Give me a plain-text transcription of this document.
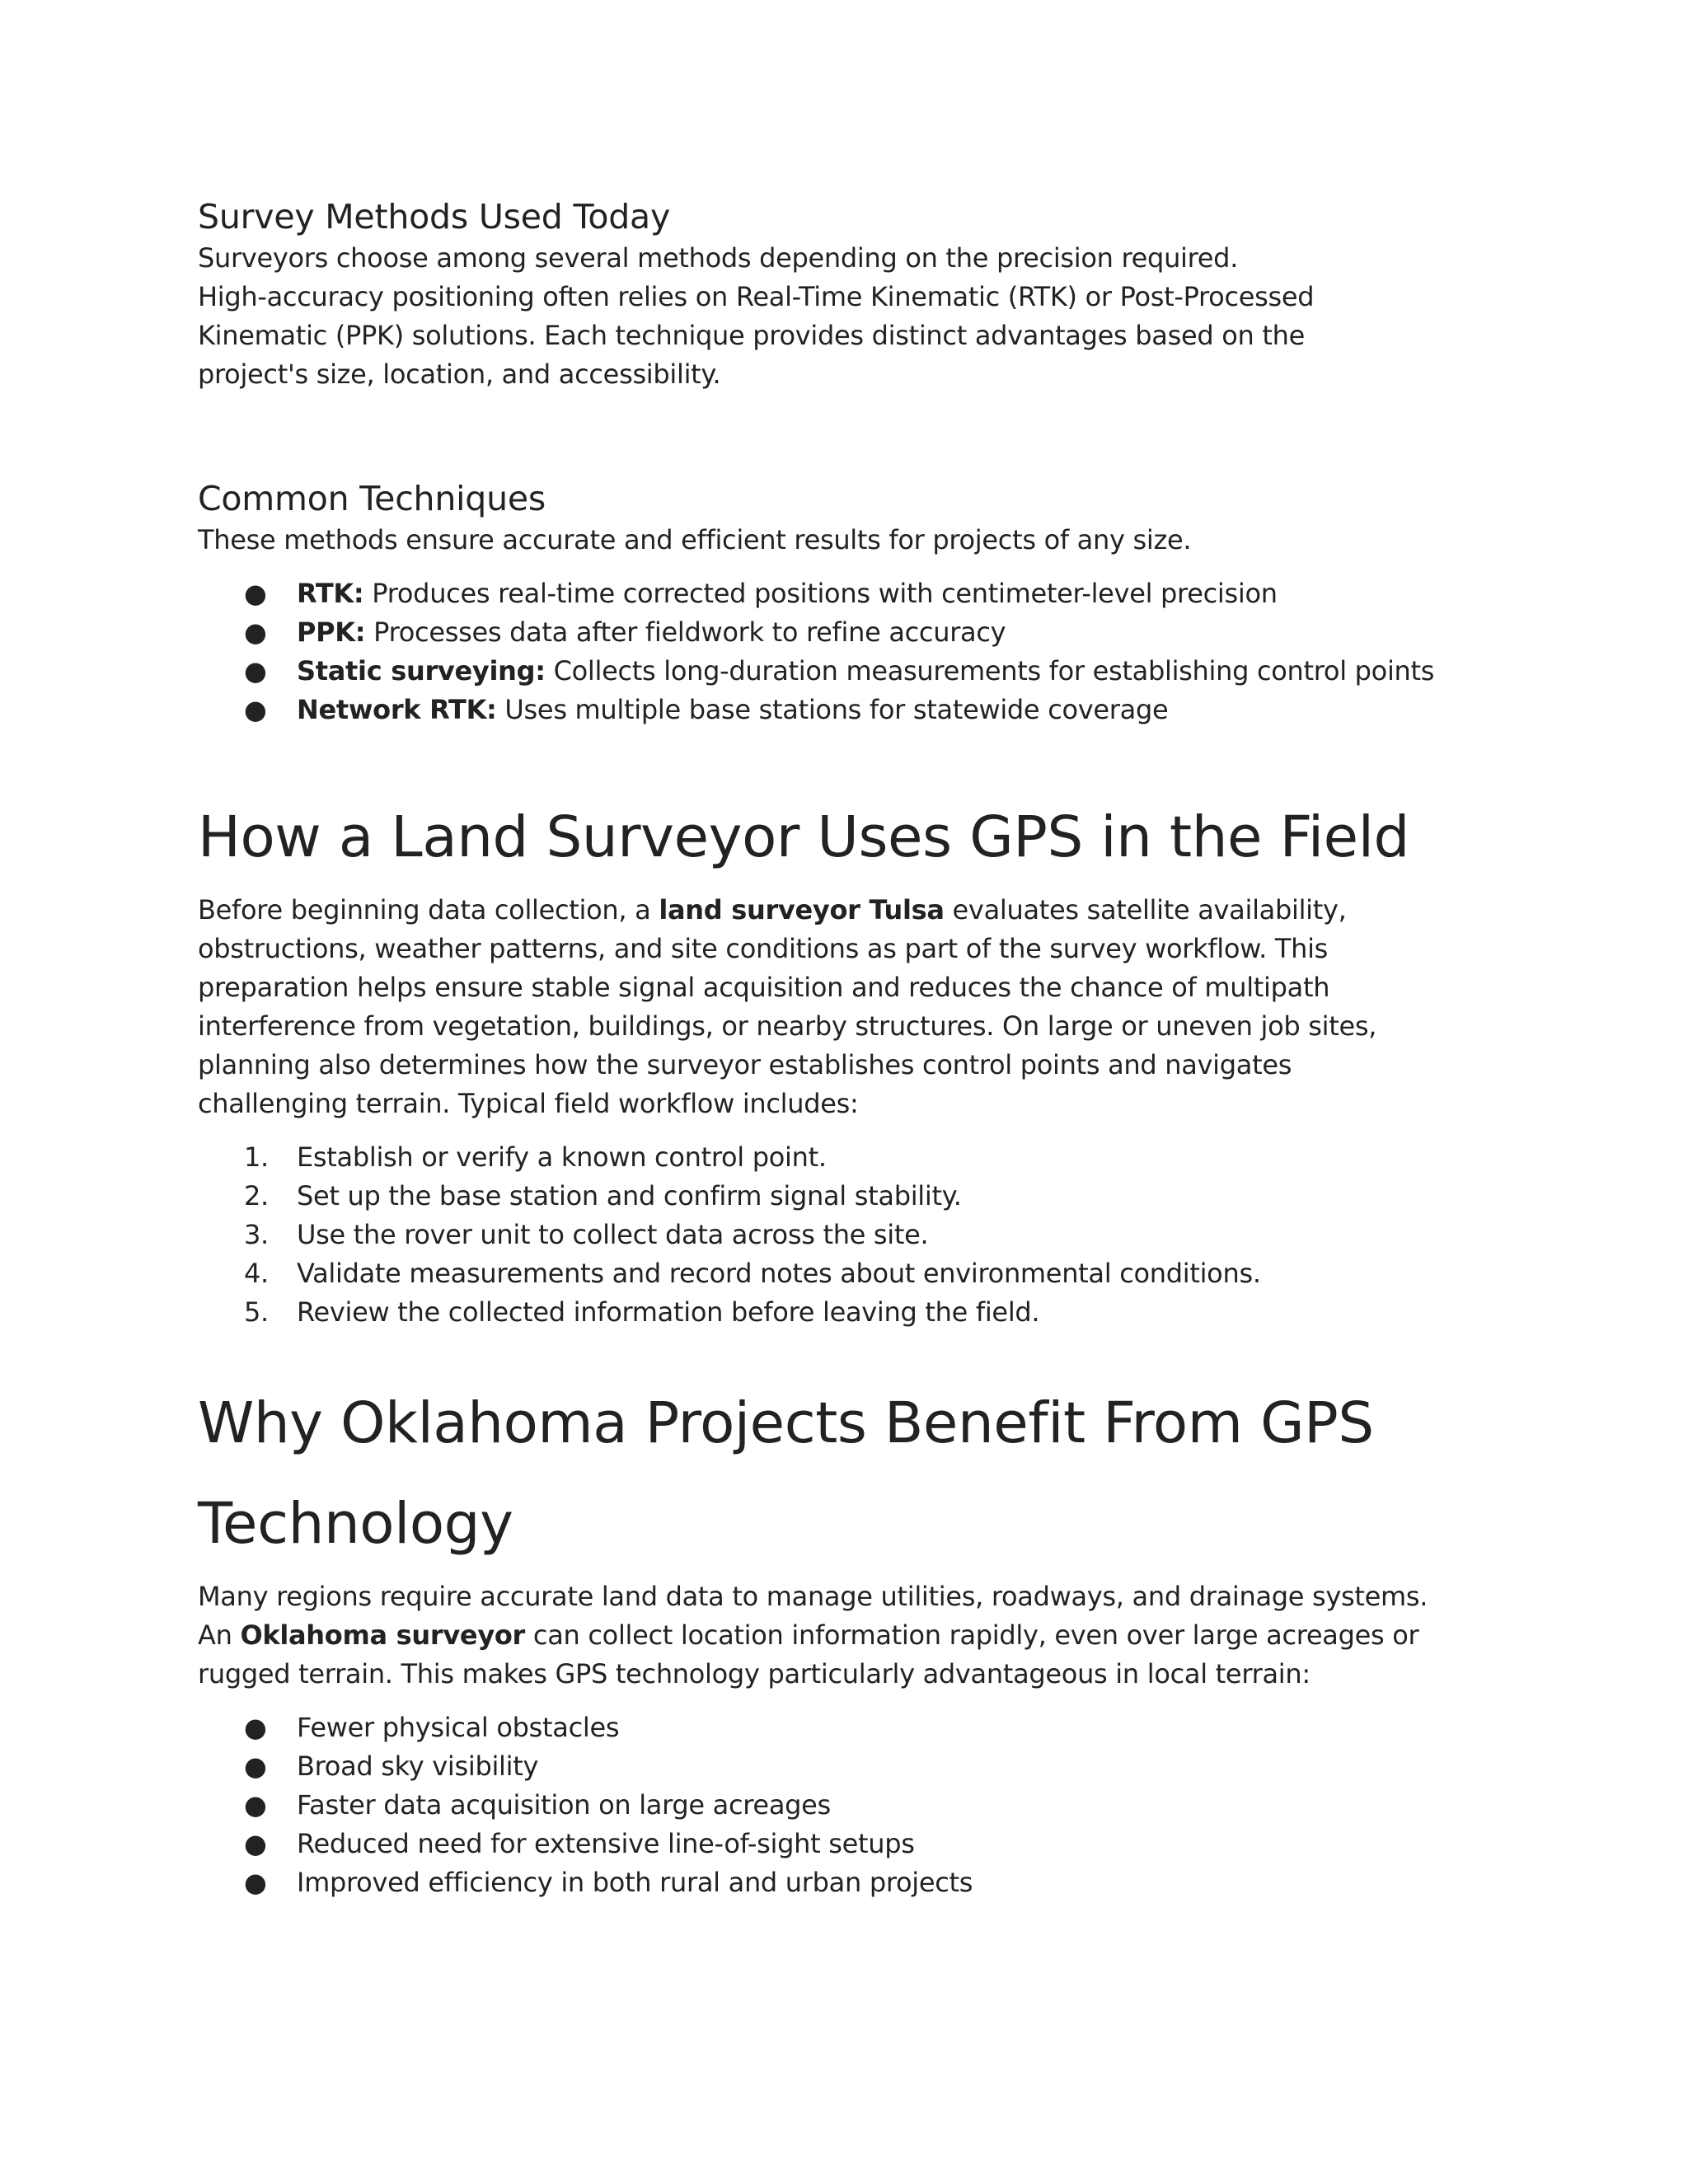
Survey Methods Used Today

Surveyors choose among several methods depending on the precision required.

High-accuracy positioning often relies on Real-Time Kinematic (RTK) or Post-Processed

Kinematic (PPK) solutions. Each technique provides distinct advantages based on the

project's size, location, and accessibility.

Common Techniques

These methods ensure accurate and efficient results for projects of any size.

● RTK: Produces real-time corrected positions with centimeter-level precision
● PPK: Processes data after fieldwork to refine accuracy
● Static surveying: Collects long-duration measurements for establishing control points
● Network RTK: Uses multiple base stations for statewide coverage
How a Land Surveyor Uses GPS in the Field

Before beginning data collection, a land surveyor Tulsa evaluates satellite availability,

obstructions, weather patterns, and site conditions as part of the survey workflow. This

preparation helps ensure stable signal acquisition and reduces the chance of multipath

interference from vegetation, buildings, or nearby structures. On large or uneven job sites,

planning also determines how the surveyor establishes control points and navigates

challenging terrain. Typical field workflow includes:

1. Establish or verify a known control point.
2. Set up the base station and confirm signal stability.
3. Use the rover unit to collect data across the site.
4. Validate measurements and record notes about environmental conditions.
5. Review the collected information before leaving the field.
Why Oklahoma Projects Benefit From GPS
Technology

Many regions require accurate land data to manage utilities, roadways, and drainage systems.

An Oklahoma surveyor can collect location information rapidly, even over large acreages or

rugged terrain. This makes GPS technology particularly advantageous in local terrain:

● Fewer physical obstacles
● Broad sky visibility
● Faster data acquisition on large acreages
● Reduced need for extensive line-of-sight setups
● Improved efficiency in both rural and urban projects
